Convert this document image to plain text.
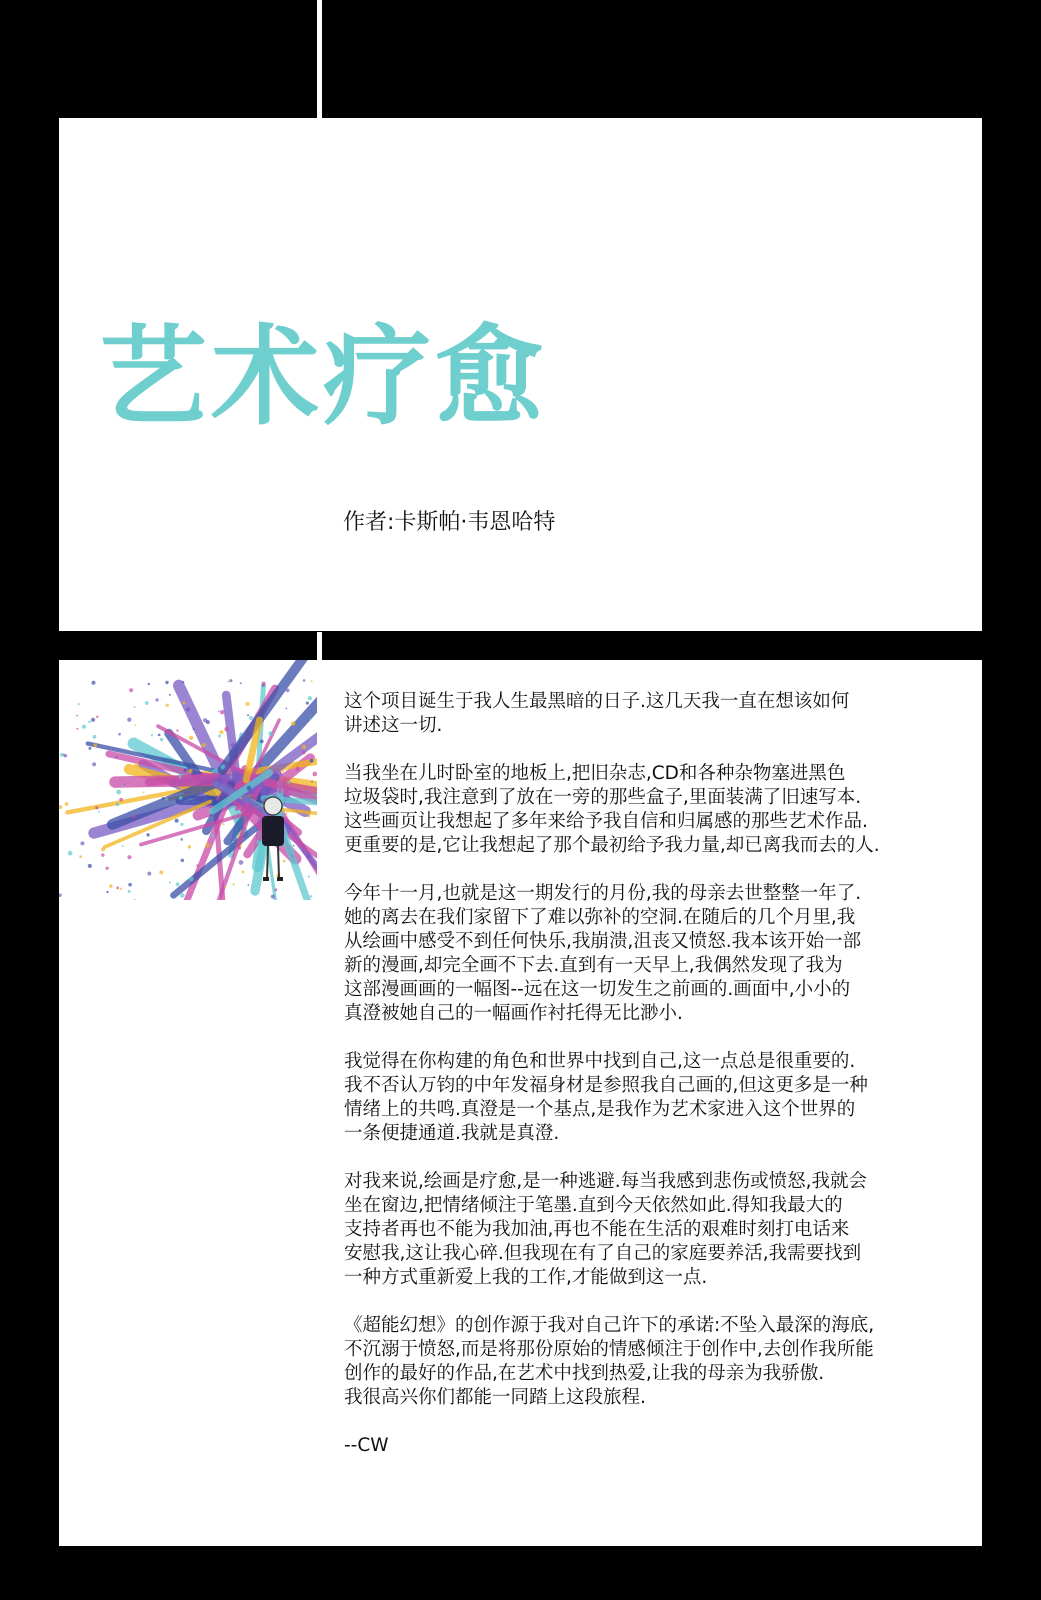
艺术疗愈
作者:卡斯帕·韦恩哈特

这个项目诞生于我人生最黑暗的日子.这几天我一直在想该如何
讲述这一切.

当我坐在儿时卧室的地板上,把旧杂志,CD和各种杂物塞进黑色
垃圾袋时,我注意到了放在一旁的那些盒子,里面装满了旧速写本.
这些画页让我想起了多年来给予我自信和归属感的那些艺术作品.
更重要的是,它让我想起了那个最初给予我力量,却已离我而去的人.

今年十一月,也就是这一期发行的月份,我的母亲去世整整一年了.
她的离去在我们家留下了难以弥补的空洞.在随后的几个月里,我
从绘画中感受不到任何快乐,我崩溃,沮丧又愤怒.我本该开始一部
新的漫画,却完全画不下去.直到有一天早上,我偶然发现了我为
这部漫画画的一幅图--远在这一切发生之前画的.画面中,小小的
真澄被她自己的一幅画作衬托得无比渺小.

我觉得在你构建的角色和世界中找到自己,这一点总是很重要的.
我不否认万钧的中年发福身材是参照我自己画的,但这更多是一种
情绪上的共鸣.真澄是一个基点,是我作为艺术家进入这个世界的
一条便捷通道.我就是真澄.

对我来说,绘画是疗愈,是一种逃避.每当我感到悲伤或愤怒,我就会
坐在窗边,把情绪倾注于笔墨.直到今天依然如此.得知我最大的
支持者再也不能为我加油,再也不能在生活的艰难时刻打电话来
安慰我,这让我心碎.但我现在有了自己的家庭要养活,我需要找到
一种方式重新爱上我的工作,才能做到这一点.

《超能幻想》的创作源于我对自己许下的承诺:不坠入最深的海底,
不沉溺于愤怒,而是将那份原始的情感倾注于创作中,去创作我所能
创作的最好的作品,在艺术中找到热爱,让我的母亲为我骄傲.
我很高兴你们都能一同踏上这段旅程.

--CW
